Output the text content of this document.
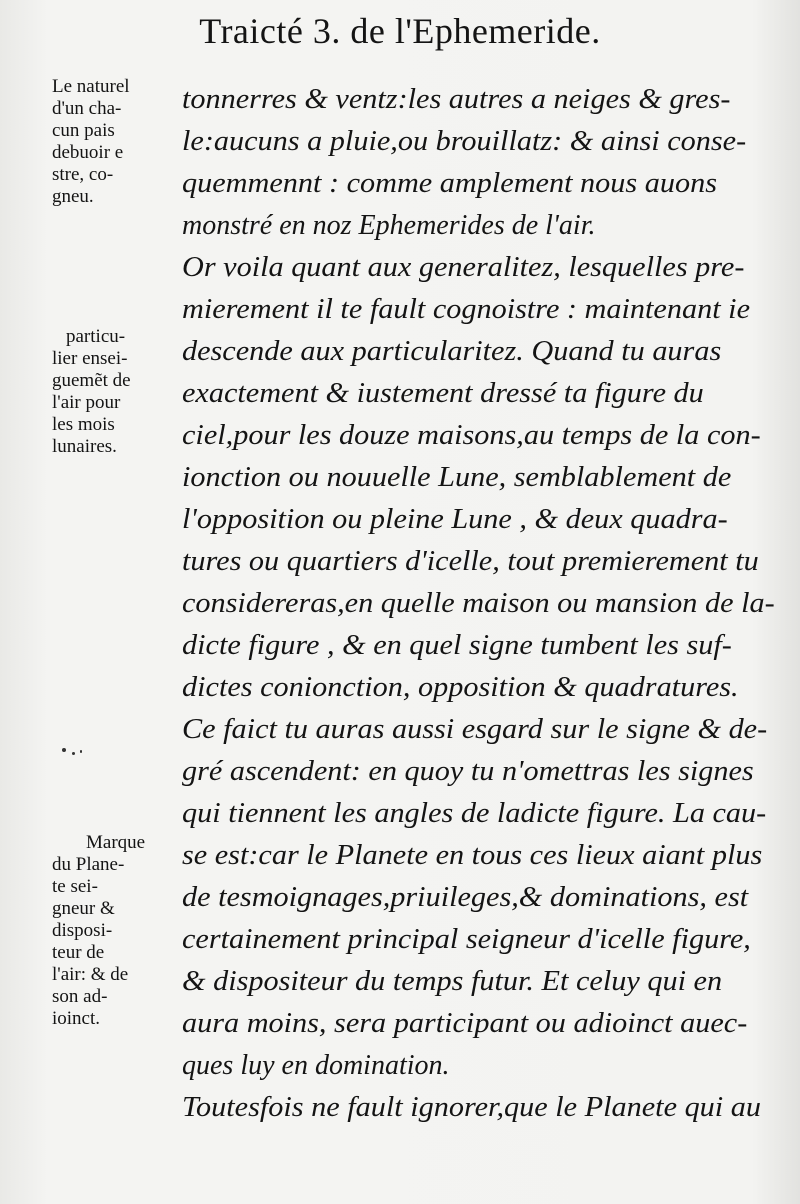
Traicté 3. de l'Ephemeride.
tonnerres & ventz:les autres a neiges & gres-
le:aucuns a pluie,ou brouillatz: & ainsi conse-
quemmennt : comme amplement nous auons
monstré en noz Ephemerides de l'air.
Or voila quant aux generalitez, lesquelles pre-
mierement il te fault cognoistre : maintenant ie
descende aux particularitez. Quand tu auras
exactement & iustement dressé ta figure du
ciel,pour les douze maisons,au temps de la con-
ionction ou nouuelle Lune, semblablement de
l'opposition ou pleine Lune , & deux quadra-
tures ou quartiers d'icelle, tout premierement tu
considereras,en quelle maison ou mansion de la-
dicte figure , & en quel signe tumbent les suf-
dictes conionction, opposition & quadratures.
Ce faict tu auras aussi esgard sur le signe & de-
gré ascendent: en quoy tu n'omettras les signes
qui tiennent les angles de ladicte figure. La cau-
se est:car le Planete en tous ces lieux aiant plus
de tesmoignages,priuileges,& dominations, est
certainement principal seigneur d'icelle figure,
& dispositeur du temps futur. Et celuy qui en
aura moins, sera participant ou adioinct auec-
ques luy en domination.
Toutesfois ne fault ignorer,que le Planete qui au
Le naturel
d'un cha-
cun pais
debuoir e
stre, co-
gneu.
particu-
lier ensei-
guemẽt de
l'air pour
les mois
lunaires.
Marque
du Plane-
te sei-
gneur &
disposi-
teur de
l'air: & de
son ad-
ioinct.
